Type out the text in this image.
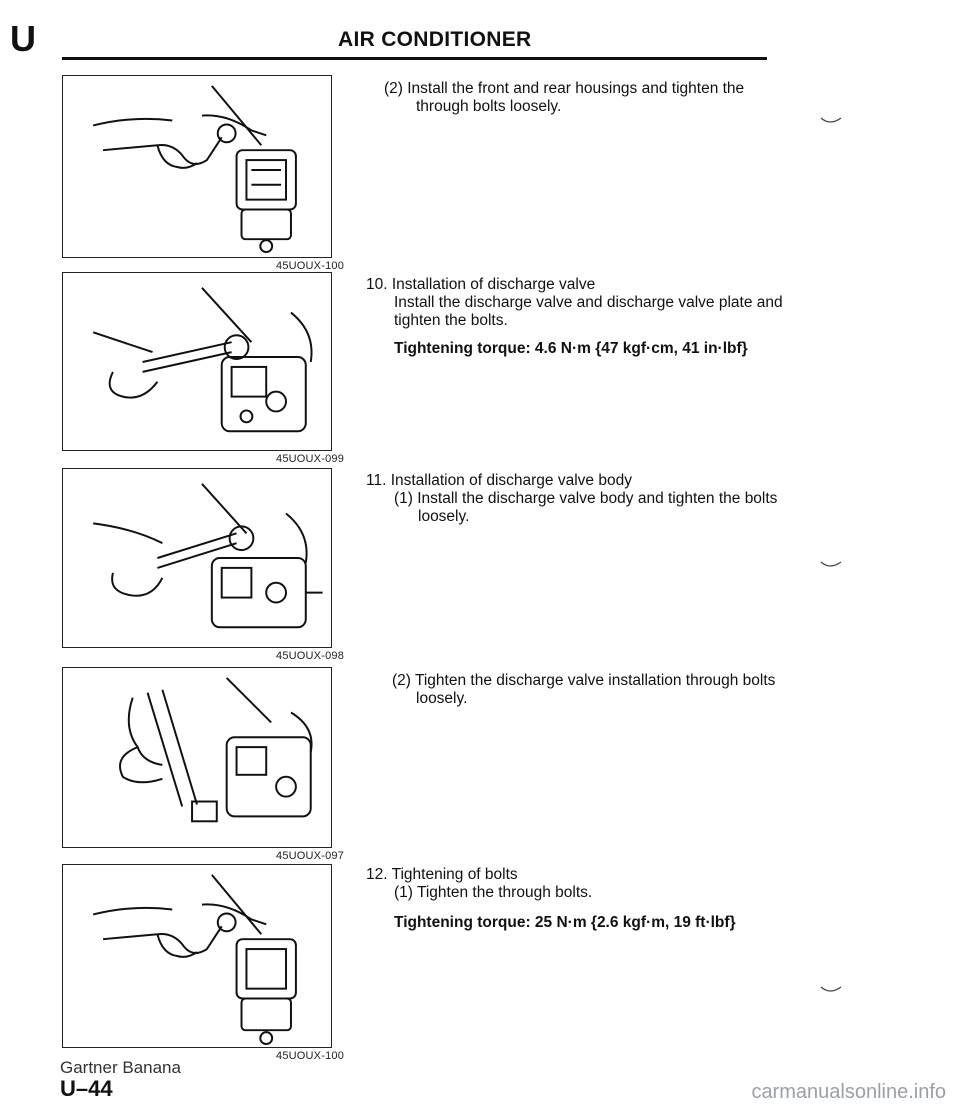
U	AIR CONDITIONER
45UOUX-100
45UOUX-099
45UOUX-098
45UOUX-097
45UOUX-100
(2) Install the front and rear housings and tighten the
through bolts loosely.
10. Installation of discharge valve
Install the discharge valve and discharge valve plate and
tighten the bolts.
Tightening torque: 4.6 N·m {47 kgf·cm, 41 in·lbf}
11. Installation of discharge valve body
(1) Install the discharge valve body and tighten the bolts
loosely.
(2) Tighten the discharge valve installation through bolts
loosely.
12. Tightening of bolts
(1) Tighten the through bolts.
Tightening torque: 25 N·m {2.6 kgf·m, 19 ft·lbf}
Gartner Banana
U–44	carmanualsonline.info
